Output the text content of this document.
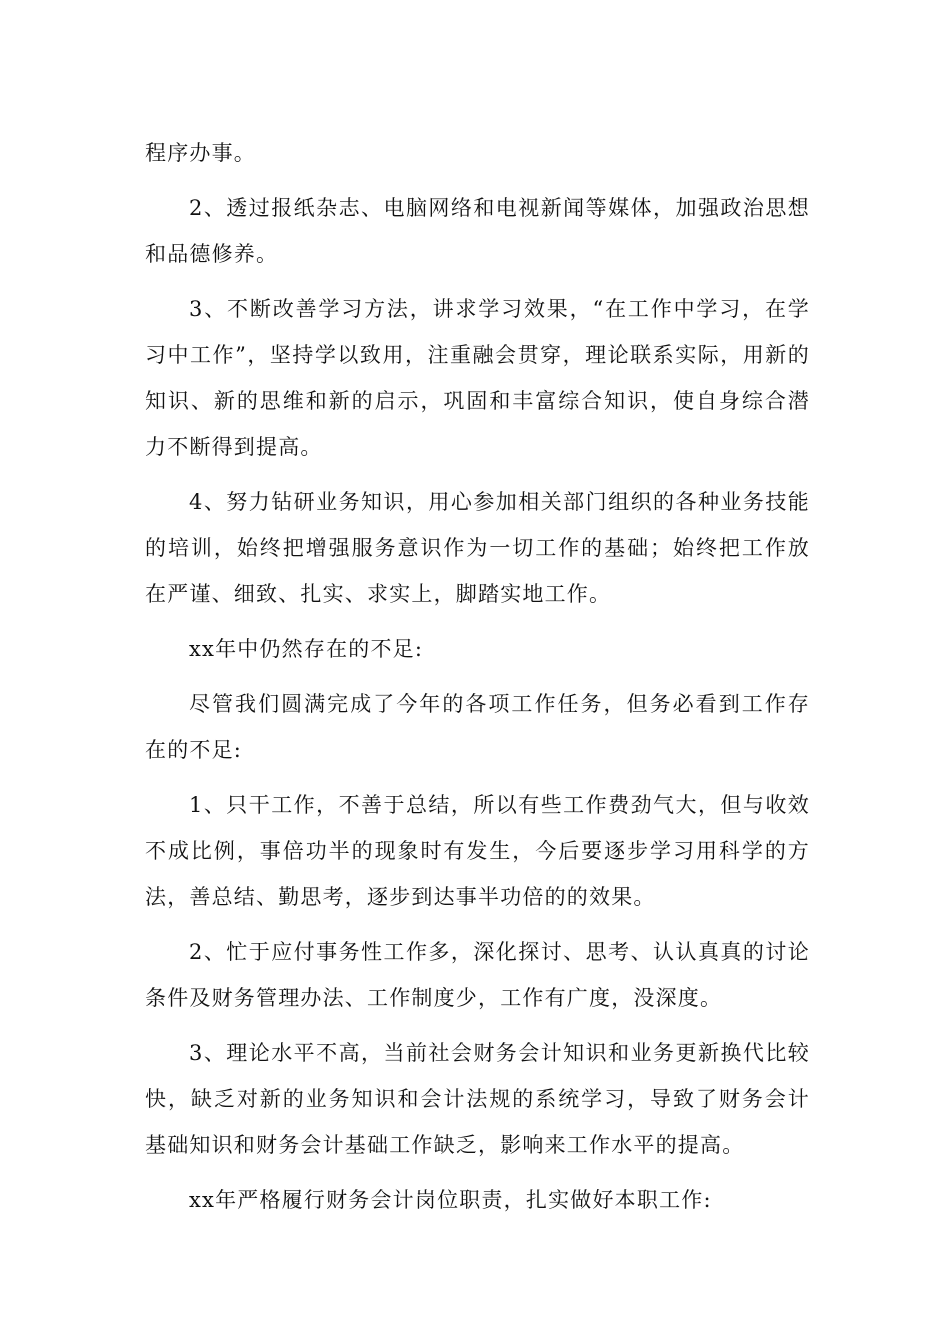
程序办事。

2、透过报纸杂志、电脑网络和电视新闻等媒体，加强政治思想和品德修养。

3、不断改善学习方法，讲求学习效果，“在工作中学习，在学习中工作”，坚持学以致用，注重融会贯穿，理论联系实际，用新的知识、新的思维和新的启示，巩固和丰富综合知识，使自身综合潜力不断得到提高。

4、努力钻研业务知识，用心参加相关部门组织的各种业务技能的培训，始终把增强服务意识作为一切工作的基础；始终把工作放在严谨、细致、扎实、求实上，脚踏实地工作。

xx年中仍然存在的不足:

尽管我们圆满完成了今年的各项工作任务，但务必看到工作存在的不足:

1、只干工作，不善于总结，所以有些工作费劲气大，但与收效不成比例，事倍功半的现象时有发生，今后要逐步学习用科学的方法，善总结、勤思考，逐步到达事半功倍的的效果。

2、忙于应付事务性工作多，深化探讨、思考、认认真真的讨论条件及财务管理办法、工作制度少，工作有广度，没深度。

3、理论水平不高，当前社会财务会计知识和业务更新换代比较快，缺乏对新的业务知识和会计法规的系统学习，导致了财务会计基础知识和财务会计基础工作缺乏，影响来工作水平的提高。

xx年严格履行财务会计岗位职责，扎实做好本职工作:
